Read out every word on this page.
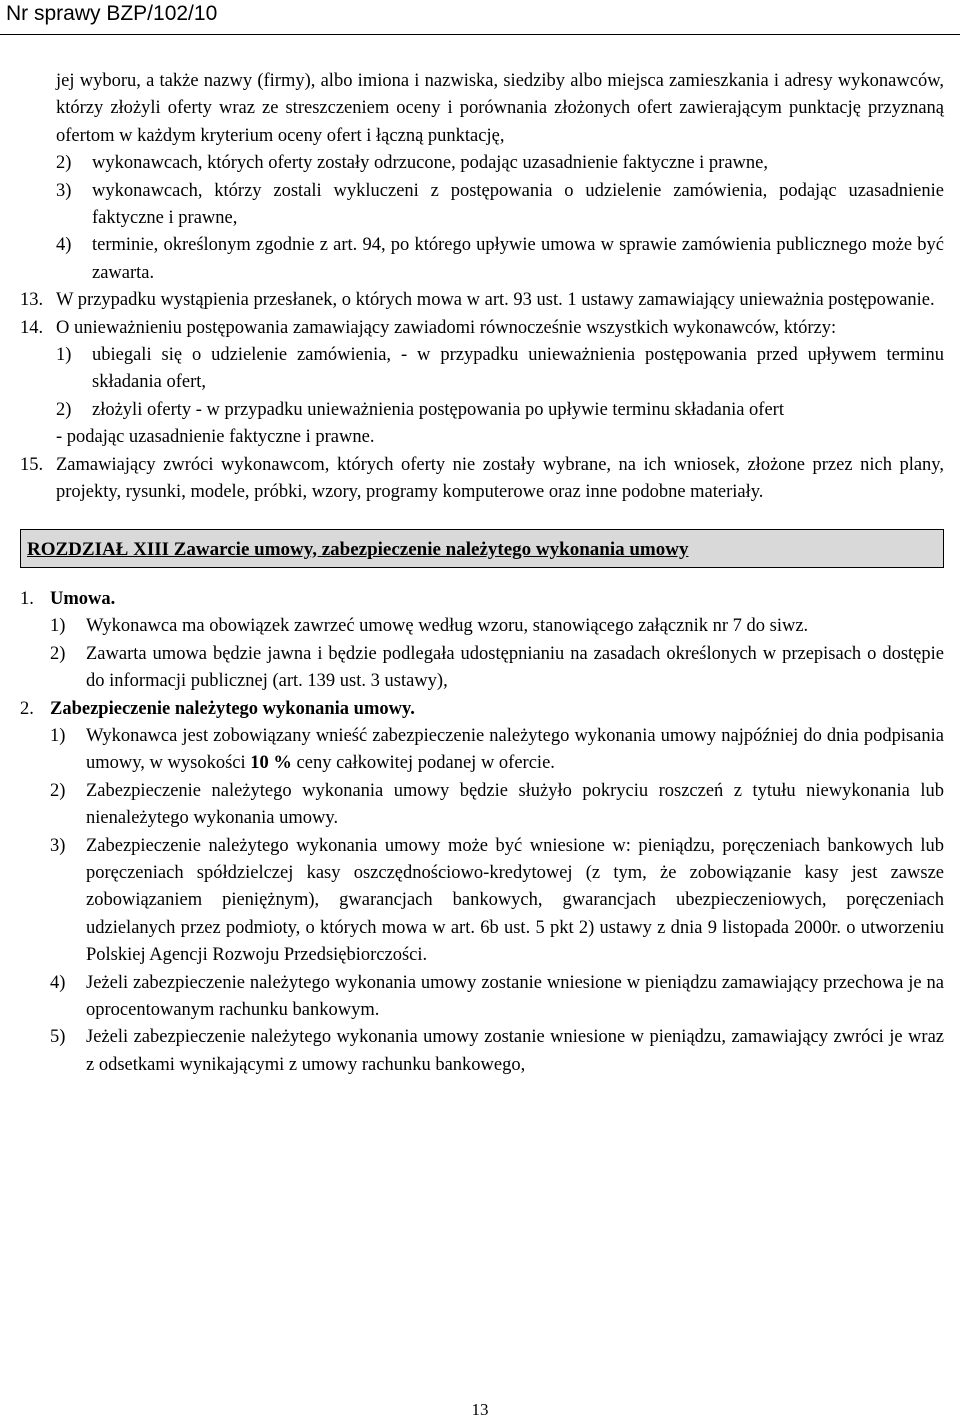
Nr sprawy BZP/102/10
jej wyboru, a także nazwy (firmy), albo imiona i nazwiska, siedziby albo miejsca zamieszkania i adresy wykonawców, którzy złożyli oferty wraz ze streszczeniem oceny i porównania złożonych ofert zawierającym punktację przyznaną ofertom w każdym kryterium oceny ofert i łączną punktację,
2)	wykonawcach, których oferty zostały odrzucone, podając uzasadnienie faktyczne i prawne,
3)	wykonawcach, którzy zostali wykluczeni z postępowania o udzielenie zamówienia, podając uzasadnienie faktyczne i prawne,
4)	terminie, określonym zgodnie z art. 94, po którego upływie umowa w sprawie zamówienia publicznego może być zawarta.
13. W przypadku wystąpienia przesłanek, o których mowa w art. 93 ust. 1 ustawy zamawiający unieważnia postępowanie.
14. O unieważnieniu postępowania zamawiający zawiadomi równocześnie wszystkich wykonawców, którzy:
1)	ubiegali się o udzielenie zamówienia, - w przypadku unieważnienia postępowania przed upływem terminu składania ofert,
2)	złożyli oferty - w przypadku unieważnienia postępowania po upływie terminu składania ofert
- podając uzasadnienie faktyczne i prawne.
15. Zamawiający zwróci wykonawcom, których oferty nie zostały wybrane, na ich wniosek, złożone przez nich plany, projekty, rysunki, modele, próbki, wzory, programy komputerowe oraz inne podobne materiały.
ROZDZIAŁ XIII Zawarcie umowy, zabezpieczenie należytego wykonania umowy
1. Umowa.
1)	Wykonawca ma obowiązek zawrzeć umowę według wzoru, stanowiącego załącznik nr 7 do siwz.
2)	Zawarta umowa będzie jawna i będzie podlegała udostępnianiu na zasadach określonych w przepisach o dostępie do informacji publicznej (art. 139 ust. 3 ustawy),
2. Zabezpieczenie należytego wykonania umowy.
1)	Wykonawca jest zobowiązany wnieść zabezpieczenie należytego wykonania umowy najpóźniej do dnia podpisania umowy, w wysokości 10 % ceny całkowitej podanej w ofercie.
2)	Zabezpieczenie należytego wykonania umowy będzie służyło pokryciu roszczeń z tytułu niewykonania lub nienależytego wykonania umowy.
3)	Zabezpieczenie należytego wykonania umowy może być wniesione w: pieniądzu, poręczeniach bankowych lub poręczeniach spółdzielczej kasy oszczędnościowo-kredytowej (z tym, że zobowiązanie kasy jest zawsze zobowiązaniem pieniężnym), gwarancjach bankowych, gwarancjach ubezpieczeniowych, poręczeniach udzielanych przez podmioty, o których mowa w art. 6b ust. 5 pkt 2) ustawy z dnia 9 listopada 2000r. o utworzeniu Polskiej Agencji Rozwoju Przedsiębiorczości.
4)	Jeżeli zabezpieczenie należytego wykonania umowy zostanie wniesione w pieniądzu zamawiający przechowa je na oprocentowanym rachunku bankowym.
5)	Jeżeli zabezpieczenie należytego wykonania umowy zostanie wniesione w pieniądzu, zamawiający zwróci je wraz z odsetkami wynikającymi z umowy rachunku bankowego,
13
